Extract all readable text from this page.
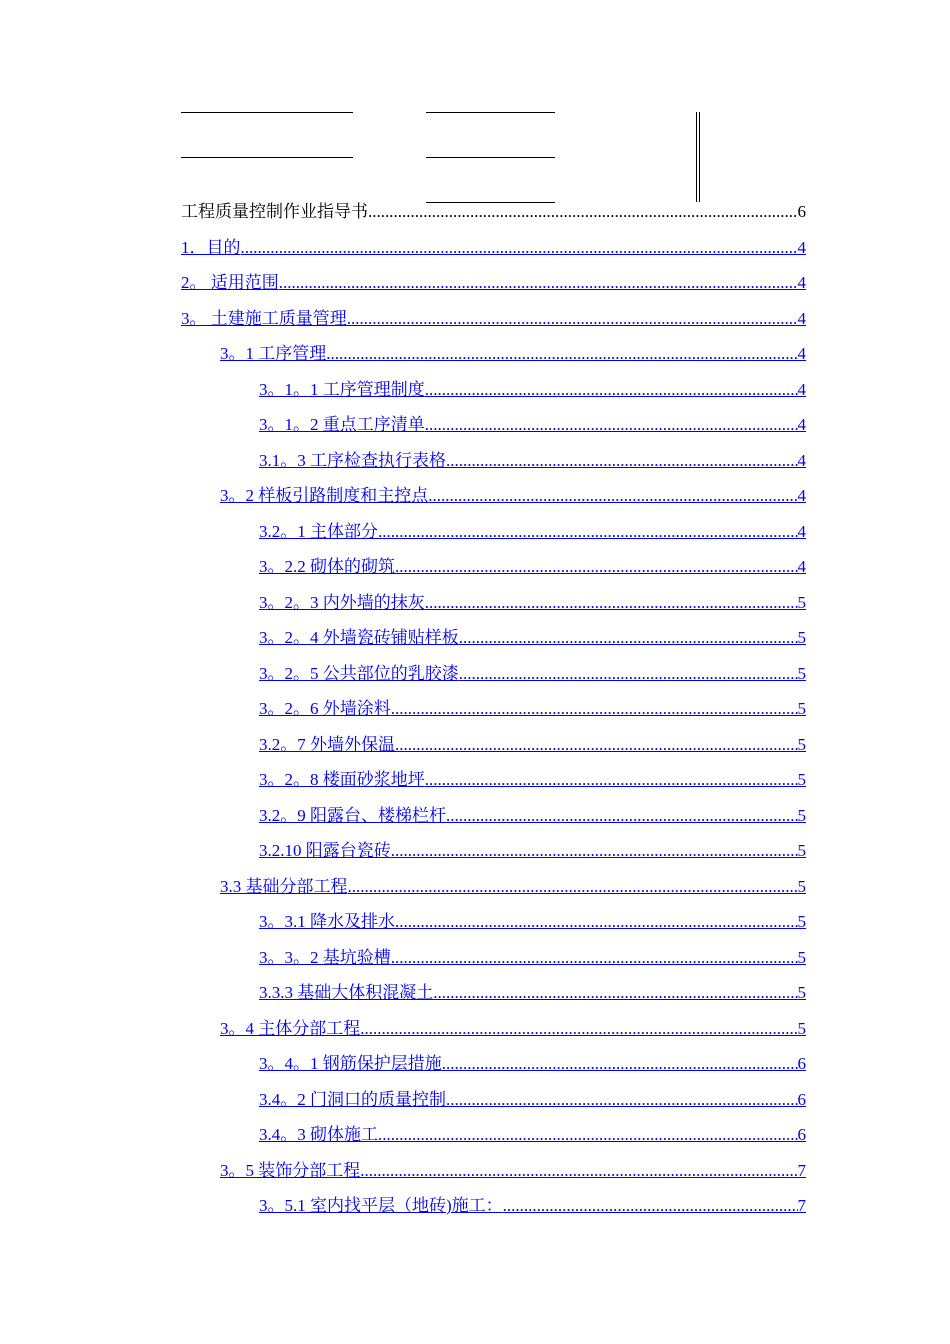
工程质量控制作业指导书 .....	6
1．目的 .....	4
2。 适用范围 .....	4
3。 土建施工质量管理 .....	4
3。1 工序管理 .....	4
3。1。1 工序管理制度 .....	4
3。1。2 重点工序清单 .....	4
3.1。3 工序检查执行表格 .....	4
3。2 样板引路制度和主控点 .....	4
3.2。1 主体部分 .....	4
3。2.2 砌体的砌筑 .....	4
3。2。3 内外墙的抹灰 .....	5
3。2。4 外墙瓷砖铺贴样板 .....	5
3。2。5 公共部位的乳胶漆 .....	5
3。2。6 外墙涂料 .....	5
3.2。7 外墙外保温 .....	5
3。2。8 楼面砂浆地坪 .....	5
3.2。9 阳露台、楼梯栏杆 .....	5
3.2.10 阳露台瓷砖 .....	5
3.3 基础分部工程 .....	5
3。3.1 降水及排水 .....	5
3。3。2 基坑验槽 .....	5
3.3.3 基础大体积混凝土 .....	5
3。4 主体分部工程 .....	5
3。4。1 钢筋保护层措施 .....	6
3.4。2 门洞口的质量控制 .....	6
3.4。3 砌体施工 .....	6
3。5 装饰分部工程 .....	7
3。5.1 室内找平层（地砖)施工： .....	7
